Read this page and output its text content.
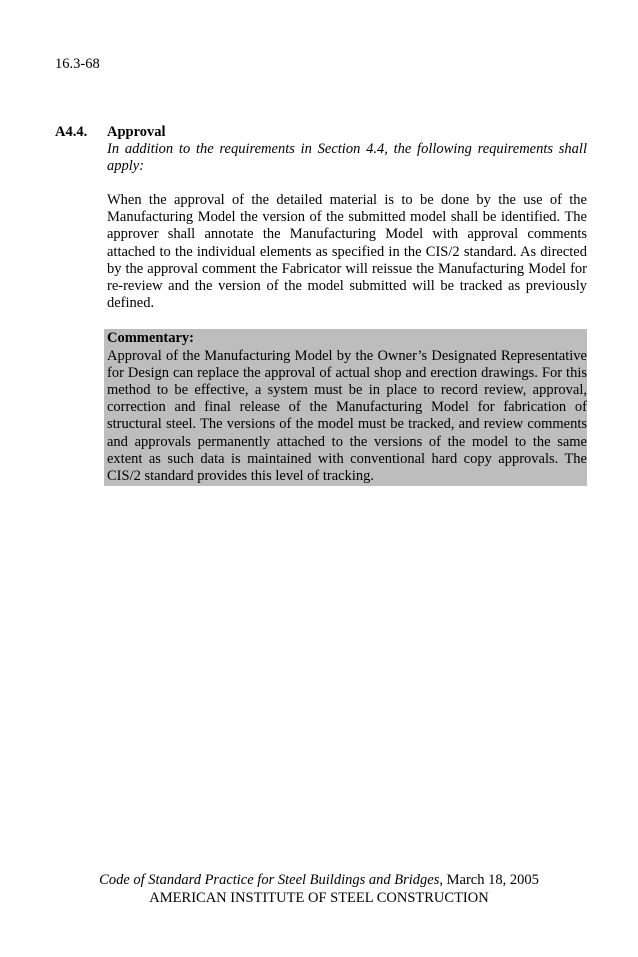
16.3-68
A4.4. Approval
In addition to the requirements in Section 4.4, the following requirements shall apply:
When the approval of the detailed material is to be done by the use of the Manufacturing Model the version of the submitted model shall be identified. The approver shall annotate the Manufacturing Model with approval comments attached to the individual elements as specified in the CIS/2 standard. As directed by the approval comment the Fabricator will reissue the Manufacturing Model for re-review and the version of the model submitted will be tracked as previously defined.
Commentary:
Approval of the Manufacturing Model by the Owner’s Designated Representative for Design can replace the approval of actual shop and erection drawings. For this method to be effective, a system must be in place to record review, approval, correction and final release of the Manufacturing Model for fabrication of structural steel. The versions of the model must be tracked, and review comments and approvals permanently attached to the versions of the model to the same extent as such data is maintained with conventional hard copy approvals. The CIS/2 standard provides this level of tracking.
Code of Standard Practice for Steel Buildings and Bridges, March 18, 2005
AMERICAN INSTITUTE OF STEEL CONSTRUCTION
